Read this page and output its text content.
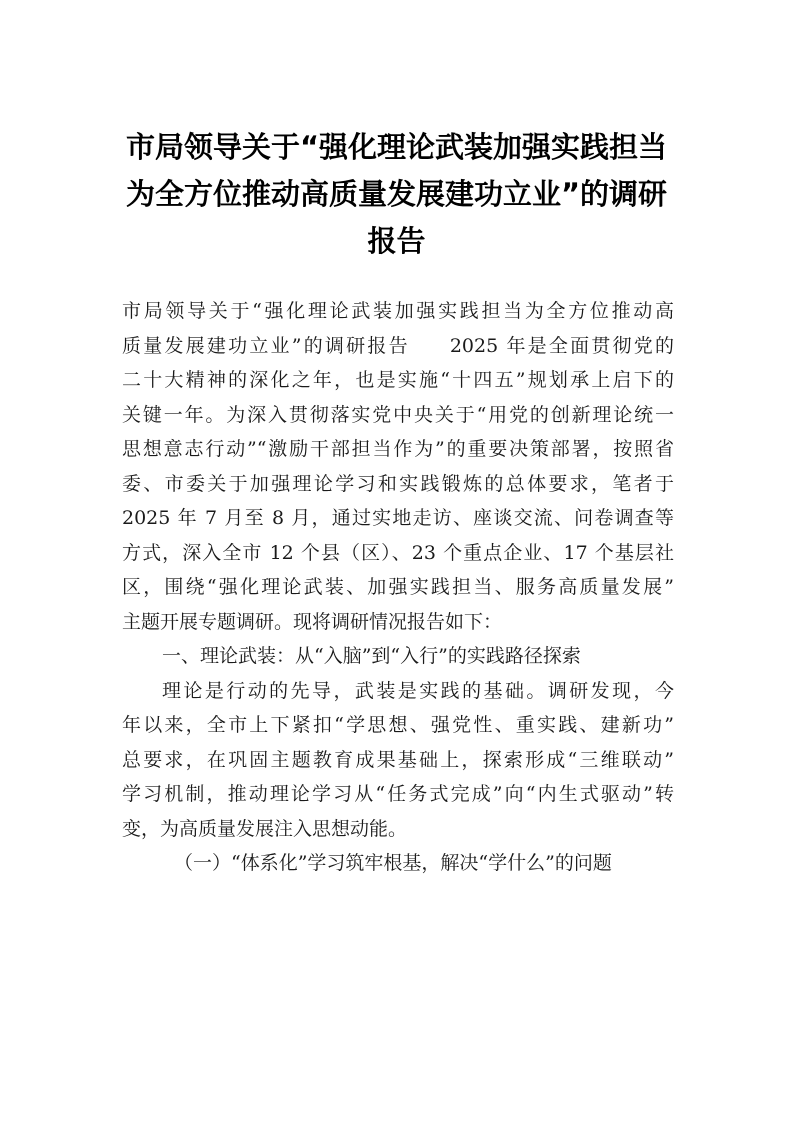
市局领导关于“强化理论武装加强实践担当
为全方位推动高质量发展建功立业”的调研
报告
市局领导关于“强化理论武装加强实践担当为全方位推动高
质量发展建功立业”的调研报告 2025 年是全面贯彻党的
二十大精神的深化之年，也是实施“十四五”规划承上启下的
关键一年。为深入贯彻落实党中央关于“用党的创新理论统一
思想意志行动”“激励干部担当作为”的重要决策部署，按照省
委、市委关于加强理论学习和实践锻炼的总体要求，笔者于
2025 年 7 月至 8 月，通过实地走访、座谈交流、问卷调查等
方式，深入全市 12 个县（区）、23 个重点企业、17 个基层社
区，围绕“强化理论武装、加强实践担当、服务高质量发展”
主题开展专题调研。现将调研情况报告如下：
一、理论武装：从“入脑”到“入行”的实践路径探索
理论是行动的先导，武装是实践的基础。调研发现，今
年以来，全市上下紧扣“学思想、强党性、重实践、建新功”
总要求，在巩固主题教育成果基础上，探索形成“三维联动”
学习机制，推动理论学习从“任务式完成”向“内生式驱动”转
变，为高质量发展注入思想动能。
（一）“体系化”学习筑牢根基，解决“学什么”的问题
